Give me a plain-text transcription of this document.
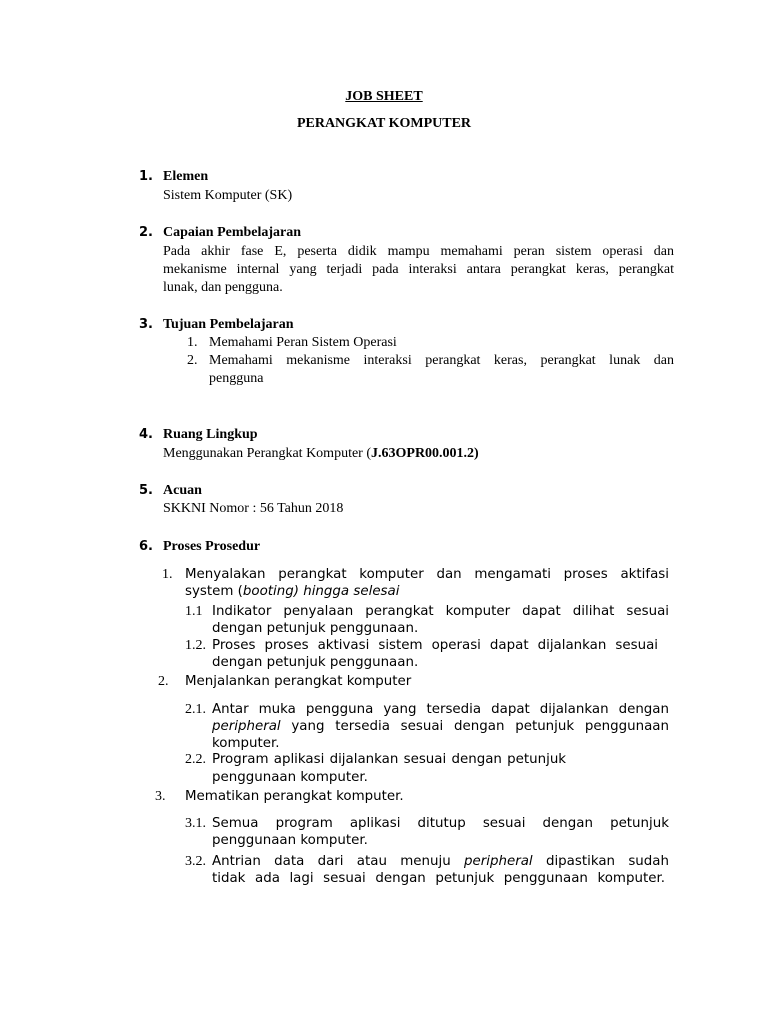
JOB SHEET
PERANGKAT KOMPUTER
1. Elemen
Sistem Komputer (SK)
2. Capaian Pembelajaran
Pada akhir fase E, peserta didik mampu memahami peran sistem operasi dan
mekanisme internal yang terjadi pada interaksi antara perangkat keras, perangkat
lunak, dan pengguna.
3. Tujuan Pembelajaran
1. Memahami Peran Sistem Operasi
2. Memahami mekanisme interaksi perangkat keras, perangkat lunak dan
pengguna
4. Ruang Lingkup
Menggunakan Perangkat Komputer (J.63OPR00.001.2)
5. Acuan
SKKNI Nomor : 56 Tahun 2018
6. Proses Prosedur
1. Menyalakan perangkat komputer dan mengamati proses aktifasi
system (booting) hingga selesai
1.1 Indikator penyalaan perangkat komputer dapat dilihat sesuai
dengan petunjuk penggunaan.
1.2. Proses proses aktivasi sistem operasi dapat dijalankan sesuai
dengan petunjuk penggunaan.
2. Menjalankan perangkat komputer
2.1. Antar muka pengguna yang tersedia dapat dijalankan dengan
peripheral yang tersedia sesuai dengan petunjuk penggunaan
komputer.
2.2. Program aplikasi dijalankan sesuai dengan petunjuk
penggunaan komputer.
3. Mematikan perangkat komputer.
3.1. Semua program aplikasi ditutup sesuai dengan petunjuk
penggunaan komputer.
3.2. Antrian data dari atau menuju peripheral dipastikan sudah
tidak ada lagi sesuai dengan petunjuk penggunaan komputer.
